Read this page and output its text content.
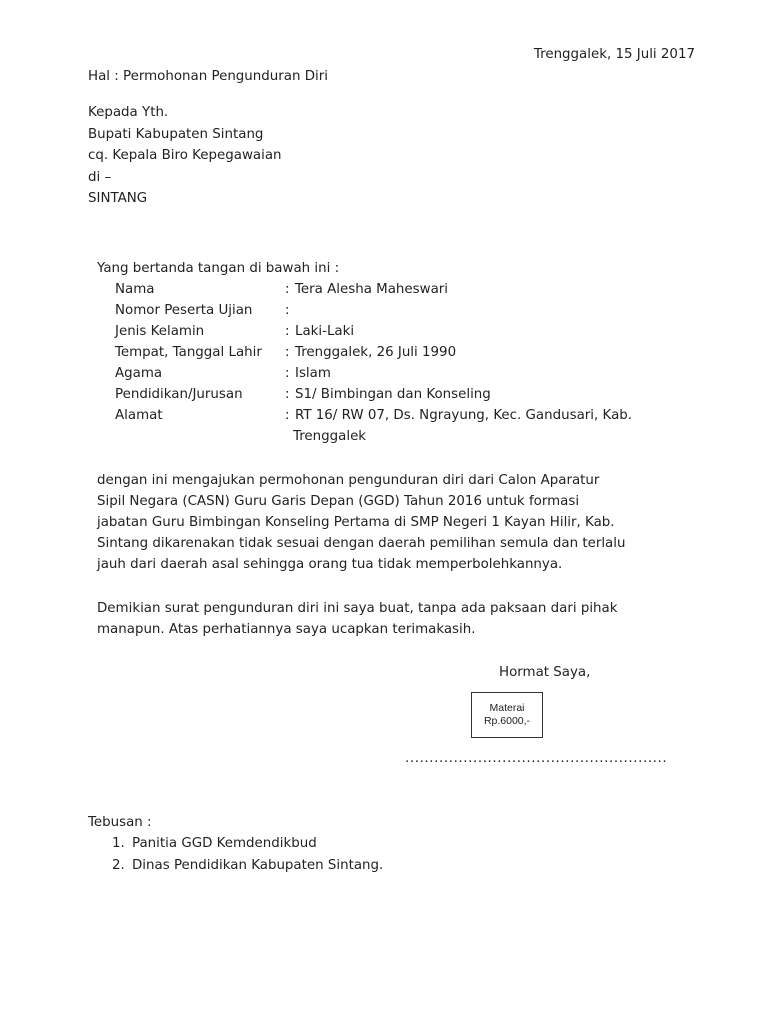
Trenggalek, 15 Juli 2017
Hal : Permohonan Pengunduran Diri
Kepada Yth.
Bupati Kabupaten Sintang
cq. Kepala Biro Kepegawaian
di –
SINTANG
Yang bertanda tangan di bawah ini :
Nama	: Tera Alesha Maheswari
Nomor Peserta Ujian	:
Jenis Kelamin	: Laki-Laki
Tempat, Tanggal Lahir	: Trenggalek, 26 Juli 1990
Agama	: Islam
Pendidikan/Jurusan	: S1/ Bimbingan dan Konseling
Alamat	: RT 16/ RW 07, Ds. Ngrayung, Kec. Gandusari, Kab.
Trenggalek
dengan ini mengajukan permohonan pengunduran diri dari Calon Aparatur
Sipil Negara (CASN) Guru Garis Depan (GGD) Tahun 2016 untuk formasi
jabatan Guru Bimbingan Konseling Pertama di SMP Negeri 1 Kayan Hilir, Kab.
Sintang dikarenakan tidak sesuai dengan daerah pemilihan semula dan terlalu
jauh dari daerah asal sehingga orang tua tidak memperbolehkannya.
Demikian surat pengunduran diri ini saya buat, tanpa ada paksaan dari pihak
manapun. Atas perhatiannya saya ucapkan terimakasih.
Hormat Saya,
Materai
Rp.6000,-
......................................................
Tebusan :
1. Panitia GGD Kemdendikbud
2. Dinas Pendidikan Kabupaten Sintang.
